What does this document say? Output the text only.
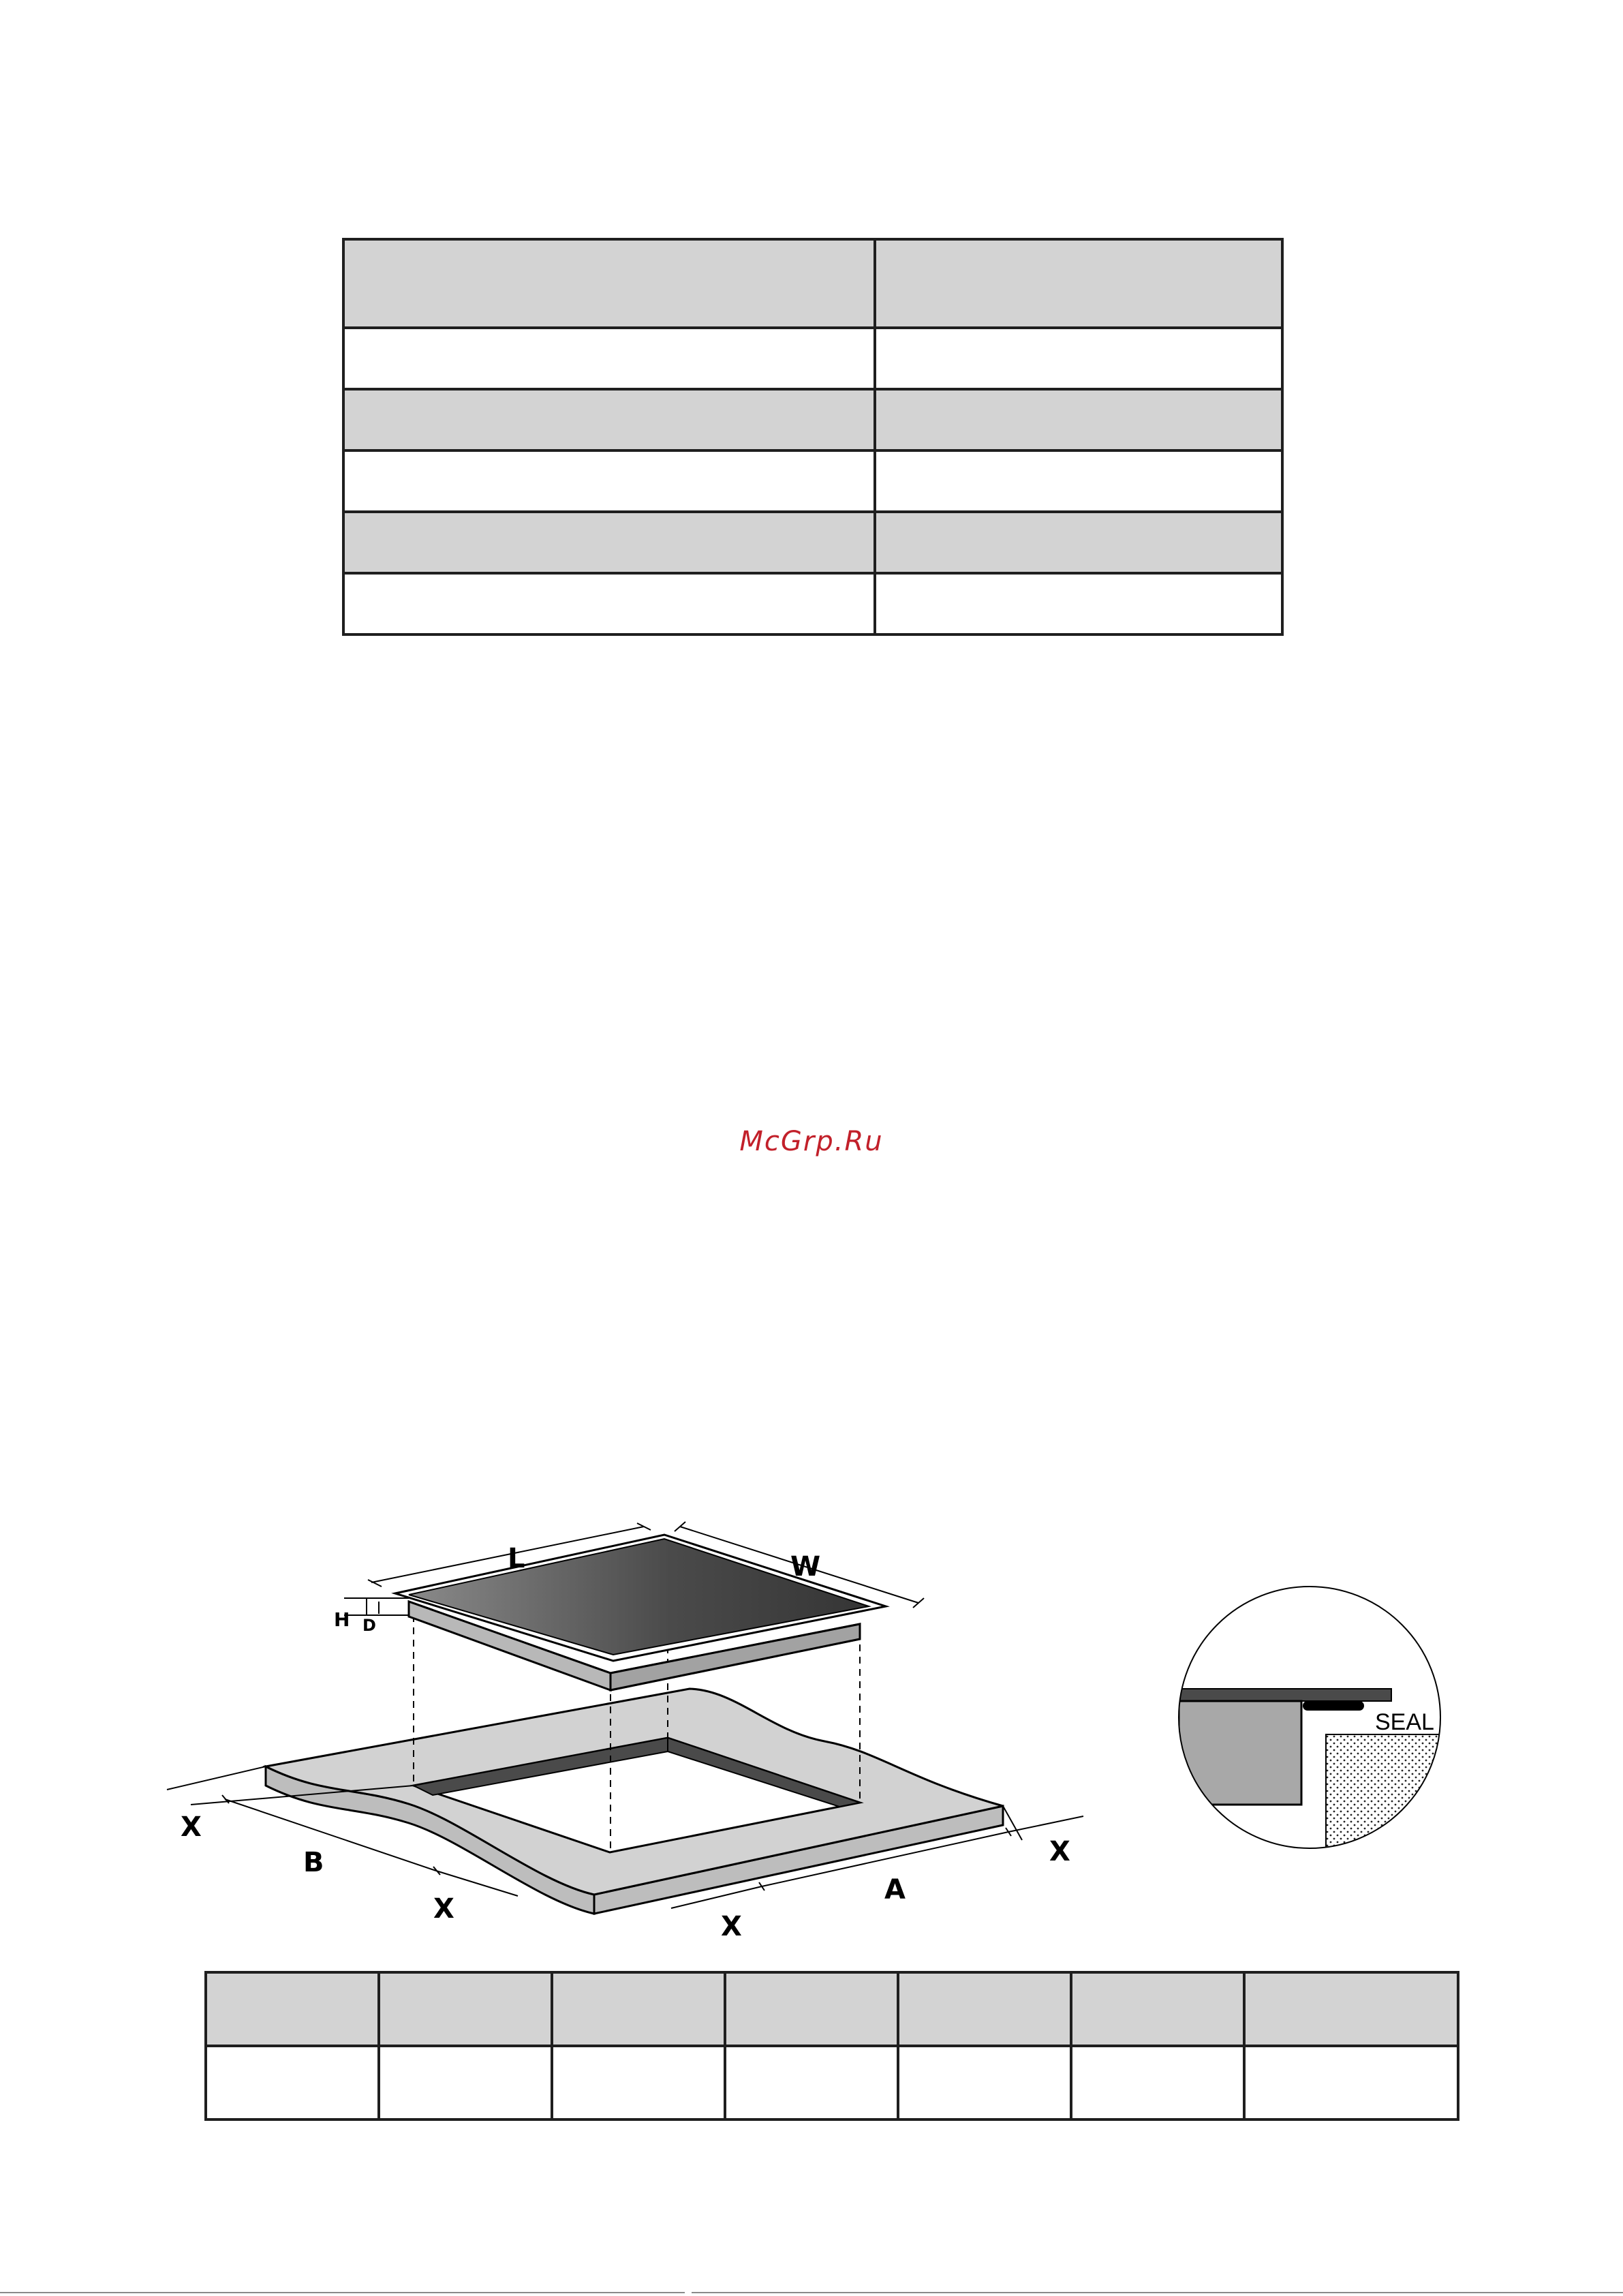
McGrp.Ru
L	W
H D
X
B
X
X
A
X
SEAL
